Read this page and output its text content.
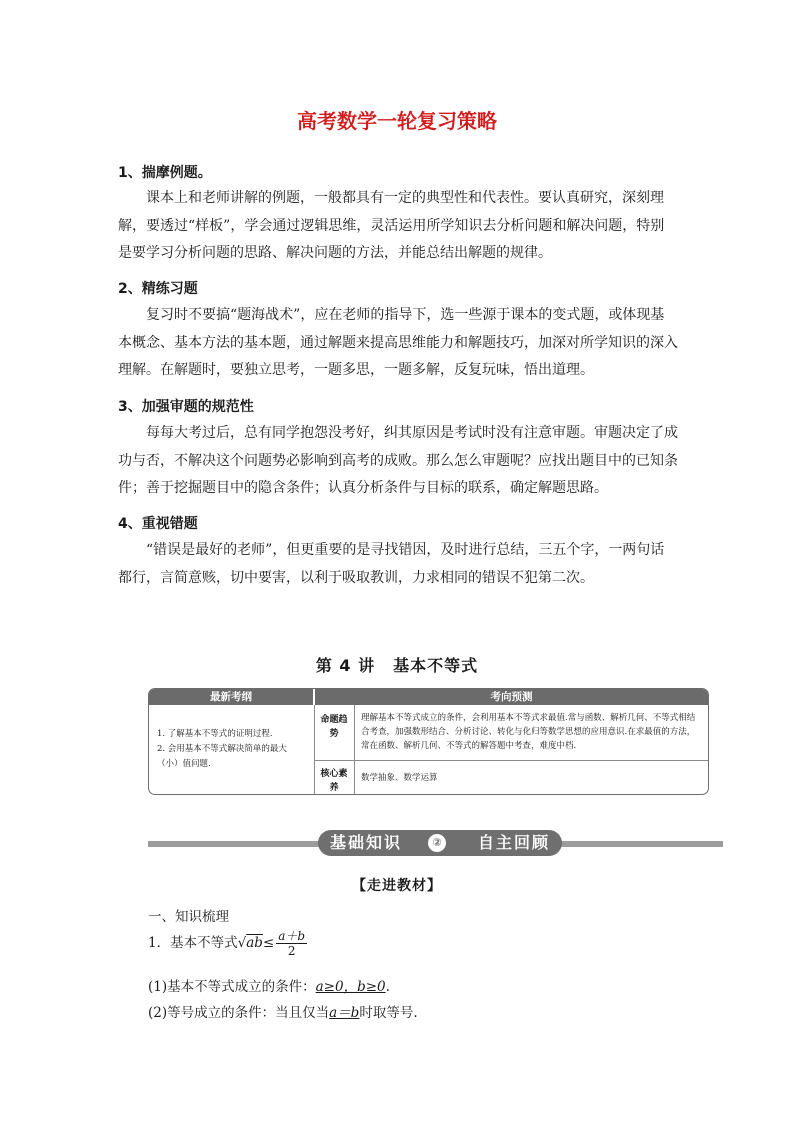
高考数学一轮复习策略
1、揣摩例题。
课本上和老师讲解的例题，一般都具有一定的典型性和代表性。要认真研究，深刻理解，要透过“样板”，学会通过逻辑思维，灵活运用所学知识去分析问题和解决问题，特别是要学习分析问题的思路、解决问题的方法，并能总结出解题的规律。
2、精练习题
复习时不要搞“题海战术”，应在老师的指导下，选一些源于课本的变式题，或体现基本概念、基本方法的基本题，通过解题来提高思维能力和解题技巧，加深对所学知识的深入理解。在解题时，要独立思考，一题多思，一题多解，反复玩味，悟出道理。
3、加强审题的规范性
每每大考过后，总有同学抱怨没考好，纠其原因是考试时没有注意审题。审题决定了成功与否，不解决这个问题势必影响到高考的成败。那么怎么审题呢？应找出题目中的已知条件；善于挖掘题目中的隐含条件；认真分析条件与目标的联系，确定解题思路。
4、重视错题
“错误是最好的老师”，但更重要的是寻找错因，及时进行总结，三五个字，一两句话都行，言简意赅，切中要害，以利于吸取教训，力求相同的错误不犯第二次。
第 4 讲 基本不等式
最新考纲	考向预测
1. 了解基本不等式的证明过程.
2. 会用基本不等式解决简单的最大（小）值问题.
命题趋势
理解基本不等式成立的条件，会利用基本不等式求最值.常与函数、解析几何、不等式相结合考查，加强数形结合、分析讨论、转化与化归等数学思想的应用意识.在求最值的方法，常在函数、解析几何、不等式的解答题中考查，难度中档.
核心素养
数学抽象、数学运算
基础知识	② 自主回顾
【走进教材】
一、知识梳理
1．基本不等式$√ab\le \frac{a+b}{2}$
(1)基本不等式成立的条件：a≥0，b≥0.
(2)等号成立的条件：当且仅当a＝b时取等号.
